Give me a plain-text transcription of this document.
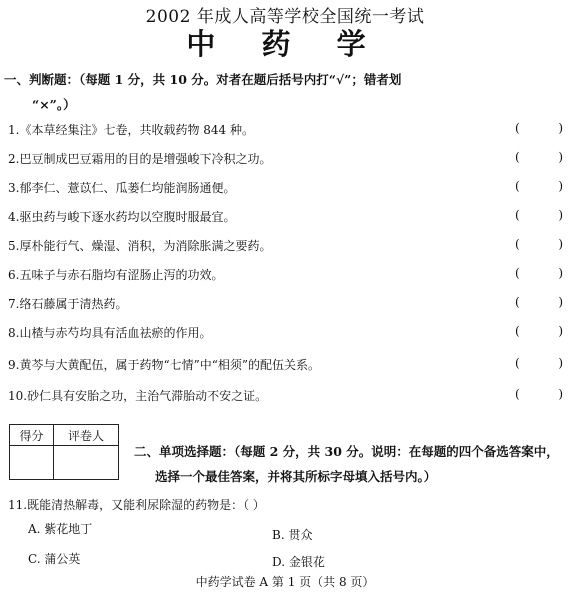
2002 年成人高等学校全国统一考试
中 药 学
一、判断题：（每题 1 分，共 10 分。对者在题后括号内打“√”；错者划
“×”。）
1.《本草经集注》七卷，共收载药物 844 种。	(	)
2.巴豆制成巴豆霜用的目的是增强峻下冷积之功。	(	)
3.郁李仁、薏苡仁、瓜蒌仁均能润肠通便。	(	)
4.驱虫药与峻下逐水药均以空腹时服最宜。	(	)
5.厚朴能行气、燥湿、消积，为消除胀满之要药。	(	)
6.五味子与赤石脂均有涩肠止泻的功效。	(	)
7.络石藤属于清热药。	(	)
8.山楂与赤芍均具有活血祛瘀的作用。	(	)
9.黄芩与大黄配伍，属于药物“七情”中“相须”的配伍关系。	(	)
10.砂仁具有安胎之功，主治气滞胎动不安之证。	(	)
得分	评卷人

二、单项选择题：（每题 2 分，共 30 分。说明：在每题的四个备选答案中，
选择一个最佳答案，并将其所标字母填入括号内。）
11.既能清热解毒，又能利尿除湿的药物是：（ ）
A. 紫花地丁	B. 贯众
C. 蒲公英	D. 金银花
中药学试卷 A 第 1 页（共 8 页）
